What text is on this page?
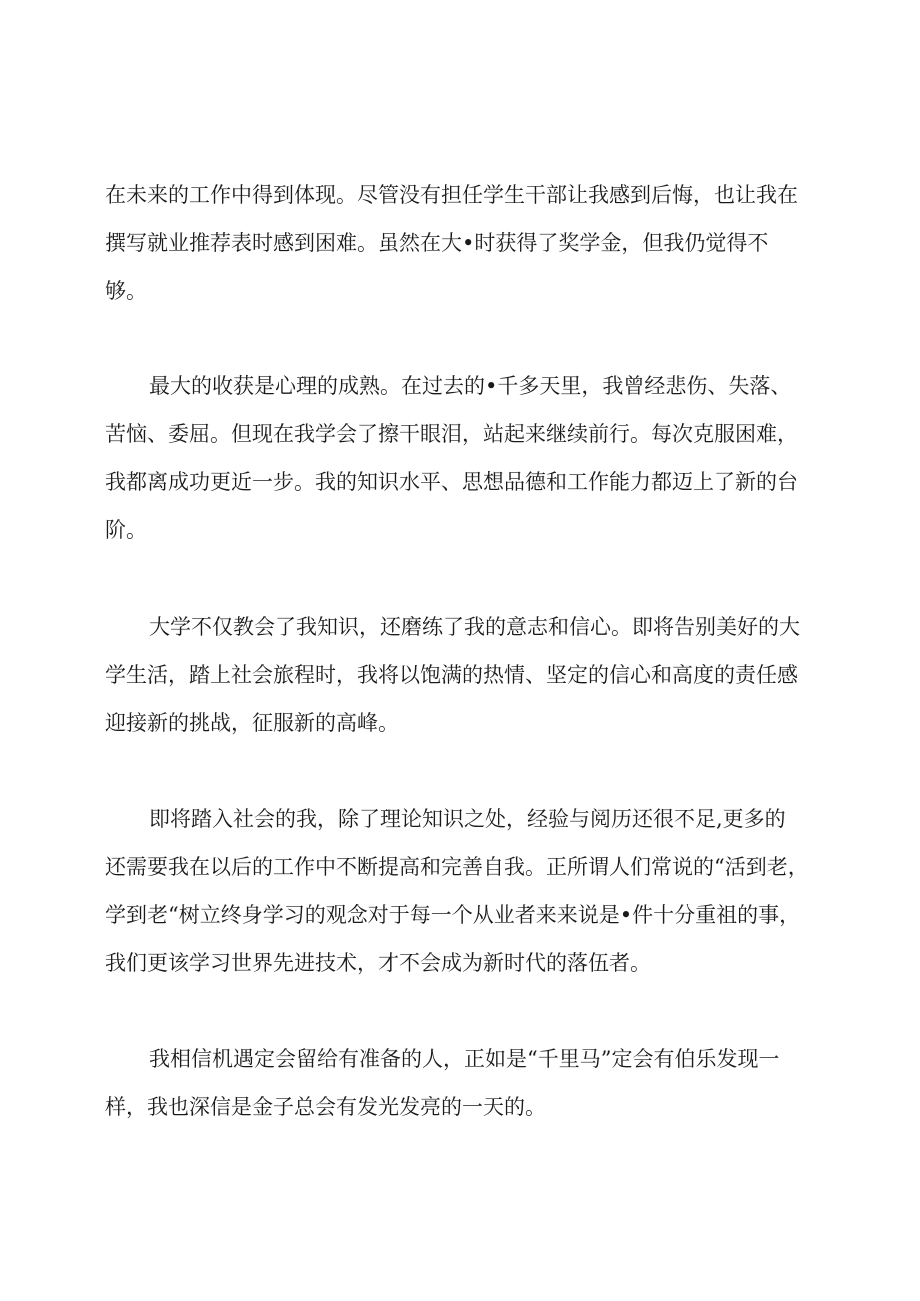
在未来的工作中得到体现。尽管没有担任学生干部让我感到后悔，也让我在
撰写就业推荐表时感到困难。虽然在大•时获得了奖学金，但我仍觉得不
够。
最大的收获是心理的成熟。在过去的•千多天里，我曾经悲伤、失落、
苦恼、委屈。但现在我学会了擦干眼泪，站起来继续前行。每次克服困难，
我都离成功更近一步。我的知识水平、思想品德和工作能力都迈上了新的台
阶。
大学不仅教会了我知识，还磨练了我的意志和信心。即将告别美好的大
学生活，踏上社会旅程时，我将以饱满的热情、坚定的信心和高度的责任感
迎接新的挑战，征服新的高峰。
即将踏入社会的我，除了理论知识之处，经验与阅历还很不足,更多的
还需要我在以后的工作中不断提高和完善自我。正所谓人们常说的“活到老，
学到老“树立终身学习的观念对于每一个从业者来来说是•件十分重祖的事，
我们更该学习世界先进技术，才不会成为新时代的落伍者。
我相信机遇定会留给有准备的人，正如是“千里马”定会有伯乐发现一
样，我也深信是金子总会有发光发亮的一天的。
